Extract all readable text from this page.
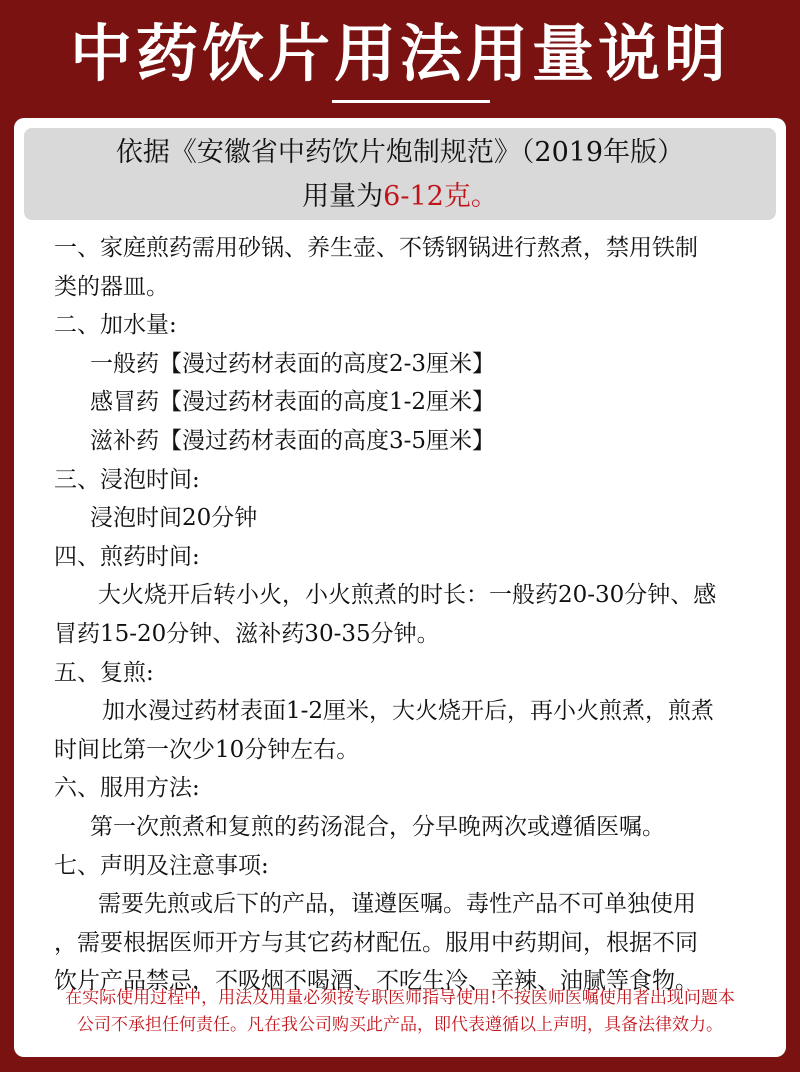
中药饮片用法用量说明
依据《安徽省中药饮片炮制规范》（2019年版）
用量为6-12克。
一、家庭煎药需用砂锅、养生壶、不锈钢锅进行熬煮，禁用铁制
类的器皿。
二、加水量:
一般药【漫过药材表面的高度2-3厘米】
感冒药【漫过药材表面的高度1-2厘米】
滋补药【漫过药材表面的高度3-5厘米】
三、浸泡时间:
浸泡时间20分钟
四、煎药时间:
大火烧开后转小火，小火煎煮的时长：一般药20-30分钟、感
冒药15-20分钟、滋补药30-35分钟。
五、复煎:
加水漫过药材表面1-2厘米，大火烧开后，再小火煎煮，煎煮
时间比第一次少10分钟左右。
六、服用方法:
第一次煎煮和复煎的药汤混合，分早晚两次或遵循医嘱。
七、声明及注意事项:
需要先煎或后下的产品，谨遵医嘱。毒性产品不可单独使用
，需要根据医师开方与其它药材配伍。服用中药期间，根据不同
饮片产品禁忌，不吸烟不喝酒、不吃生冷、辛辣、油腻等食物。
在实际使用过程中，用法及用量必须按专职医师指导使用!不按医师医嘱使用者出现问题本
公司不承担任何责任。凡在我公司购买此产品，即代表遵循以上声明，具备法律效力。
